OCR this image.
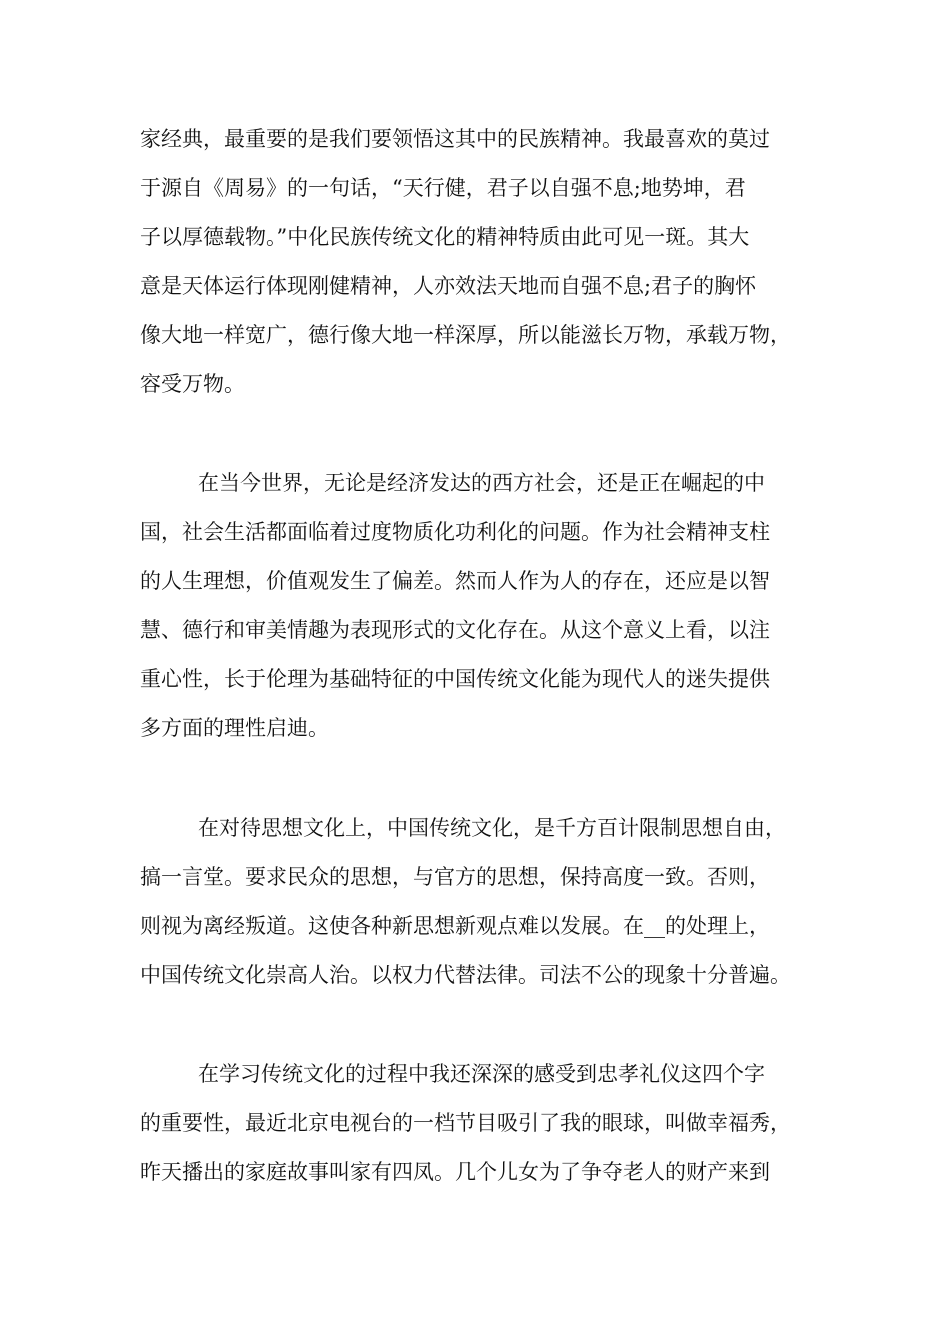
家经典，最重要的是我们要领悟这其中的民族精神。我最喜欢的莫过

于源自《周易》的一句话，“天行健，君子以自强不息;地势坤，君

子以厚德载物。”中化民族传统文化的精神特质由此可见一斑。其大

意是天体运行体现刚健精神，人亦效法天地而自强不息;君子的胸怀

像大地一样宽广，德行像大地一样深厚，所以能滋长万物，承载万物，

容受万物。

在当今世界，无论是经济发达的西方社会，还是正在崛起的中

国，社会生活都面临着过度物质化功利化的问题。作为社会精神支柱

的人生理想，价值观发生了偏差。然而人作为人的存在，还应是以智

慧、德行和审美情趣为表现形式的文化存在。从这个意义上看，以注

重心性，长于伦理为基础特征的中国传统文化能为现代人的迷失提供

多方面的理性启迪。

在对待思想文化上，中国传统文化，是千方百计限制思想自由，

搞一言堂。要求民众的思想，与官方的思想，保持高度一致。否则，

则视为离经叛道。这使各种新思想新观点难以发展。在__的处理上，

中国传统文化崇高人治。以权力代替法律。司法不公的现象十分普遍。

在学习传统文化的过程中我还深深的感受到忠孝礼仪这四个字

的重要性，最近北京电视台的一档节目吸引了我的眼球，叫做幸福秀，

昨天播出的家庭故事叫家有四凤。几个儿女为了争夺老人的财产来到
